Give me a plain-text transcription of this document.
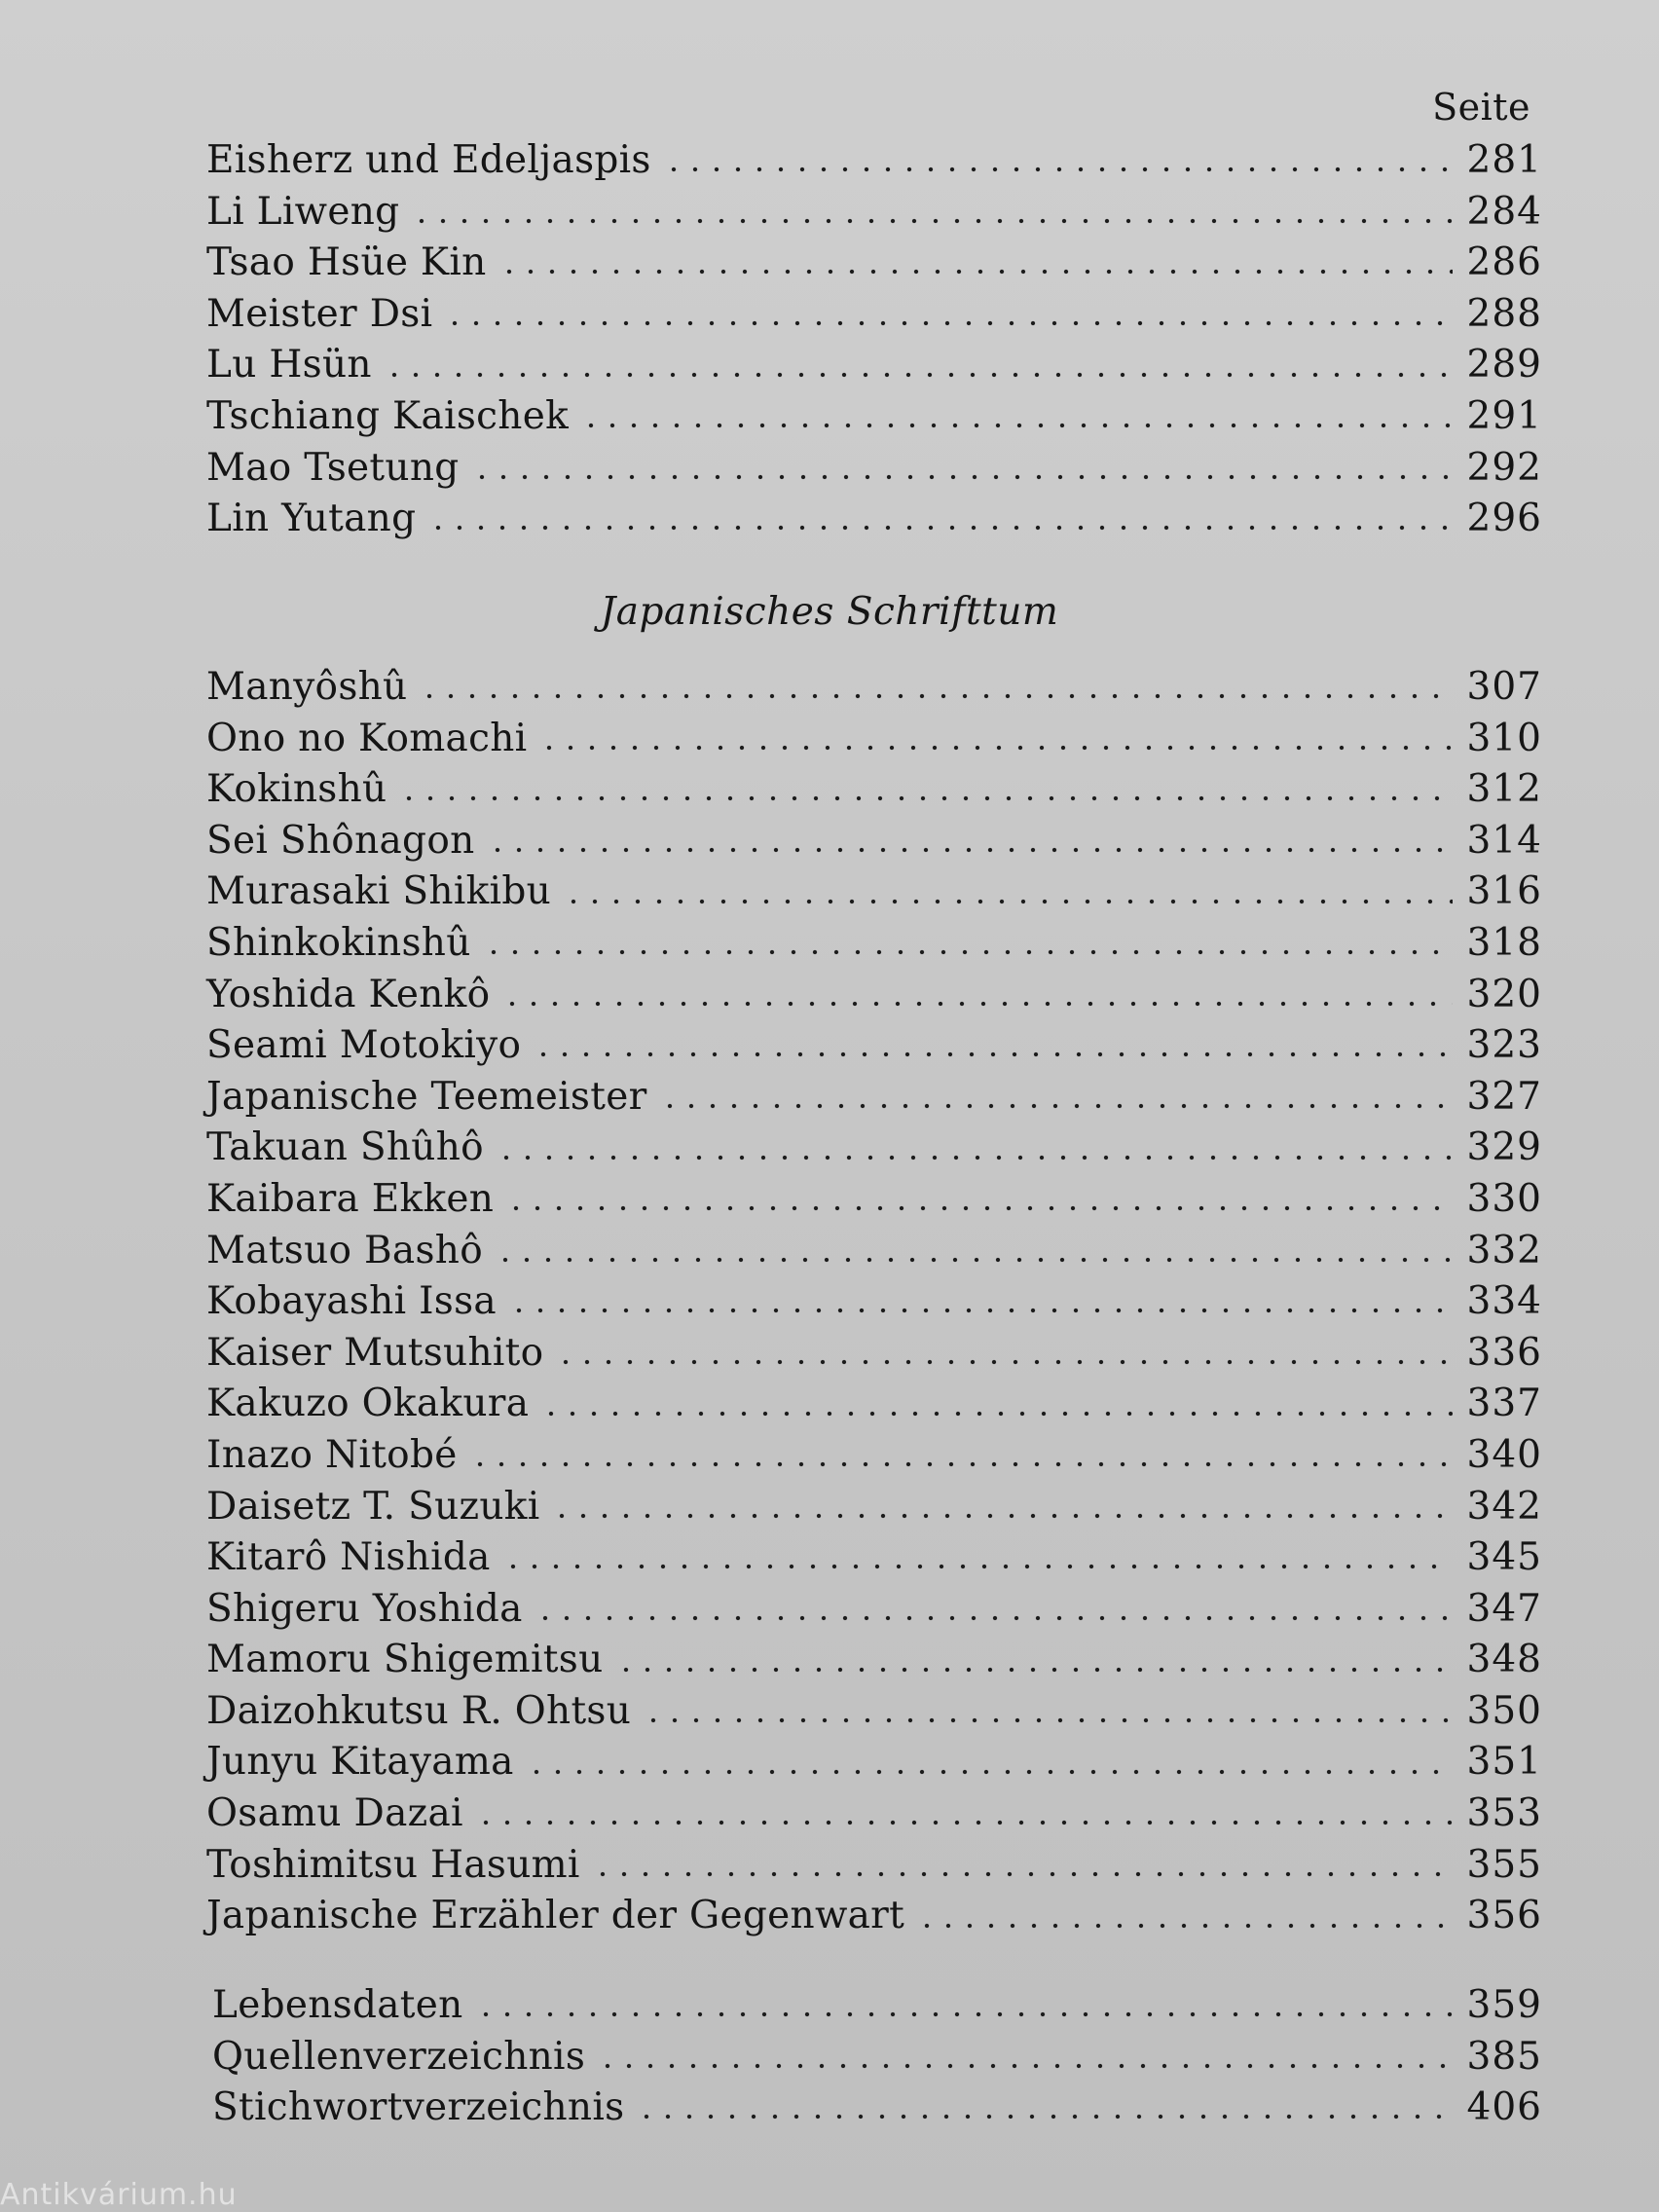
Seite
Eisherz und Edeljaspis	281
Li Liweng	284
Tsao Hsüe Kin	286
Meister Dsi	288
Lu Hsün	289
Tschiang Kaischek	291
Mao Tsetung	292
Lin Yutang	296
Japanisches Schrifttum
Manyôshû	307
Ono no Komachi	310
Kokinshû	312
Sei Shônagon	314
Murasaki Shikibu	316
Shinkokinshû	318
Yoshida Kenkô	320
Seami Motokiyo	323
Japanische Teemeister	327
Takuan Shûhô	329
Kaibara Ekken	330
Matsuo Bashô	332
Kobayashi Issa	334
Kaiser Mutsuhito	336
Kakuzo Okakura	337
Inazo Nitobé	340
Daisetz T. Suzuki	342
Kitarô Nishida	345
Shigeru Yoshida	347
Mamoru Shigemitsu	348
Daizohkutsu R. Ohtsu	350
Junyu Kitayama	351
Osamu Dazai	353
Toshimitsu Hasumi	355
Japanische Erzähler der Gegenwart	356
Lebensdaten	359
Quellenverzeichnis	385
Stichwortverzeichnis	406
Antikvárium.hu
